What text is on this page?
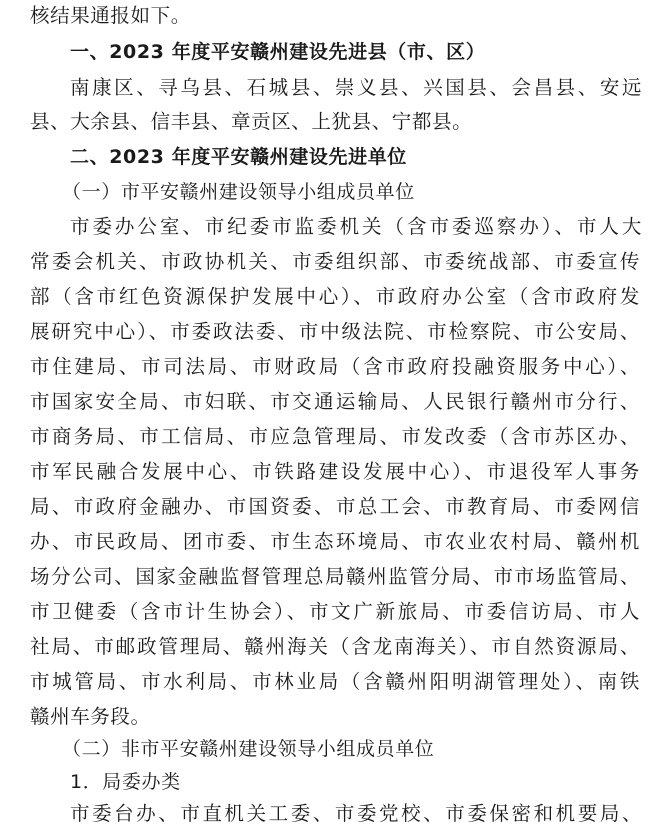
核结果通报如下。
一、2023 年度平安赣州建设先进县（市、区）
南康区、寻乌县、石城县、崇义县、兴国县、会昌县、安远
县、大余县、信丰县、章贡区、上犹县、宁都县。
二、2023 年度平安赣州建设先进单位
（一）市平安赣州建设领导小组成员单位
市委办公室、市纪委市监委机关（含市委巡察办）、市人大
常委会机关、市政协机关、市委组织部、市委统战部、市委宣传
部（含市红色资源保护发展中心）、市政府办公室（含市政府发
展研究中心）、市委政法委、市中级法院、市检察院、市公安局、
市住建局、市司法局、市财政局（含市政府投融资服务中心）、
市国家安全局、市妇联、市交通运输局、人民银行赣州市分行、
市商务局、市工信局、市应急管理局、市发改委（含市苏区办、
市军民融合发展中心、市铁路建设发展中心）、市退役军人事务
局、市政府金融办、市国资委、市总工会、市教育局、市委网信
办、市民政局、团市委、市生态环境局、市农业农村局、赣州机
场分公司、国家金融监督管理总局赣州监管分局、市市场监管局、
市卫健委（含市计生协会）、市文广新旅局、市委信访局、市人
社局、市邮政管理局、赣州海关（含龙南海关）、市自然资源局、
市城管局、市水利局、市林业局（含赣州阳明湖管理处）、南铁
赣州车务段。
（二）非市平安赣州建设领导小组成员单位
1．局委办类
市委台办、市直机关工委、市委党校、市委保密和机要局、
